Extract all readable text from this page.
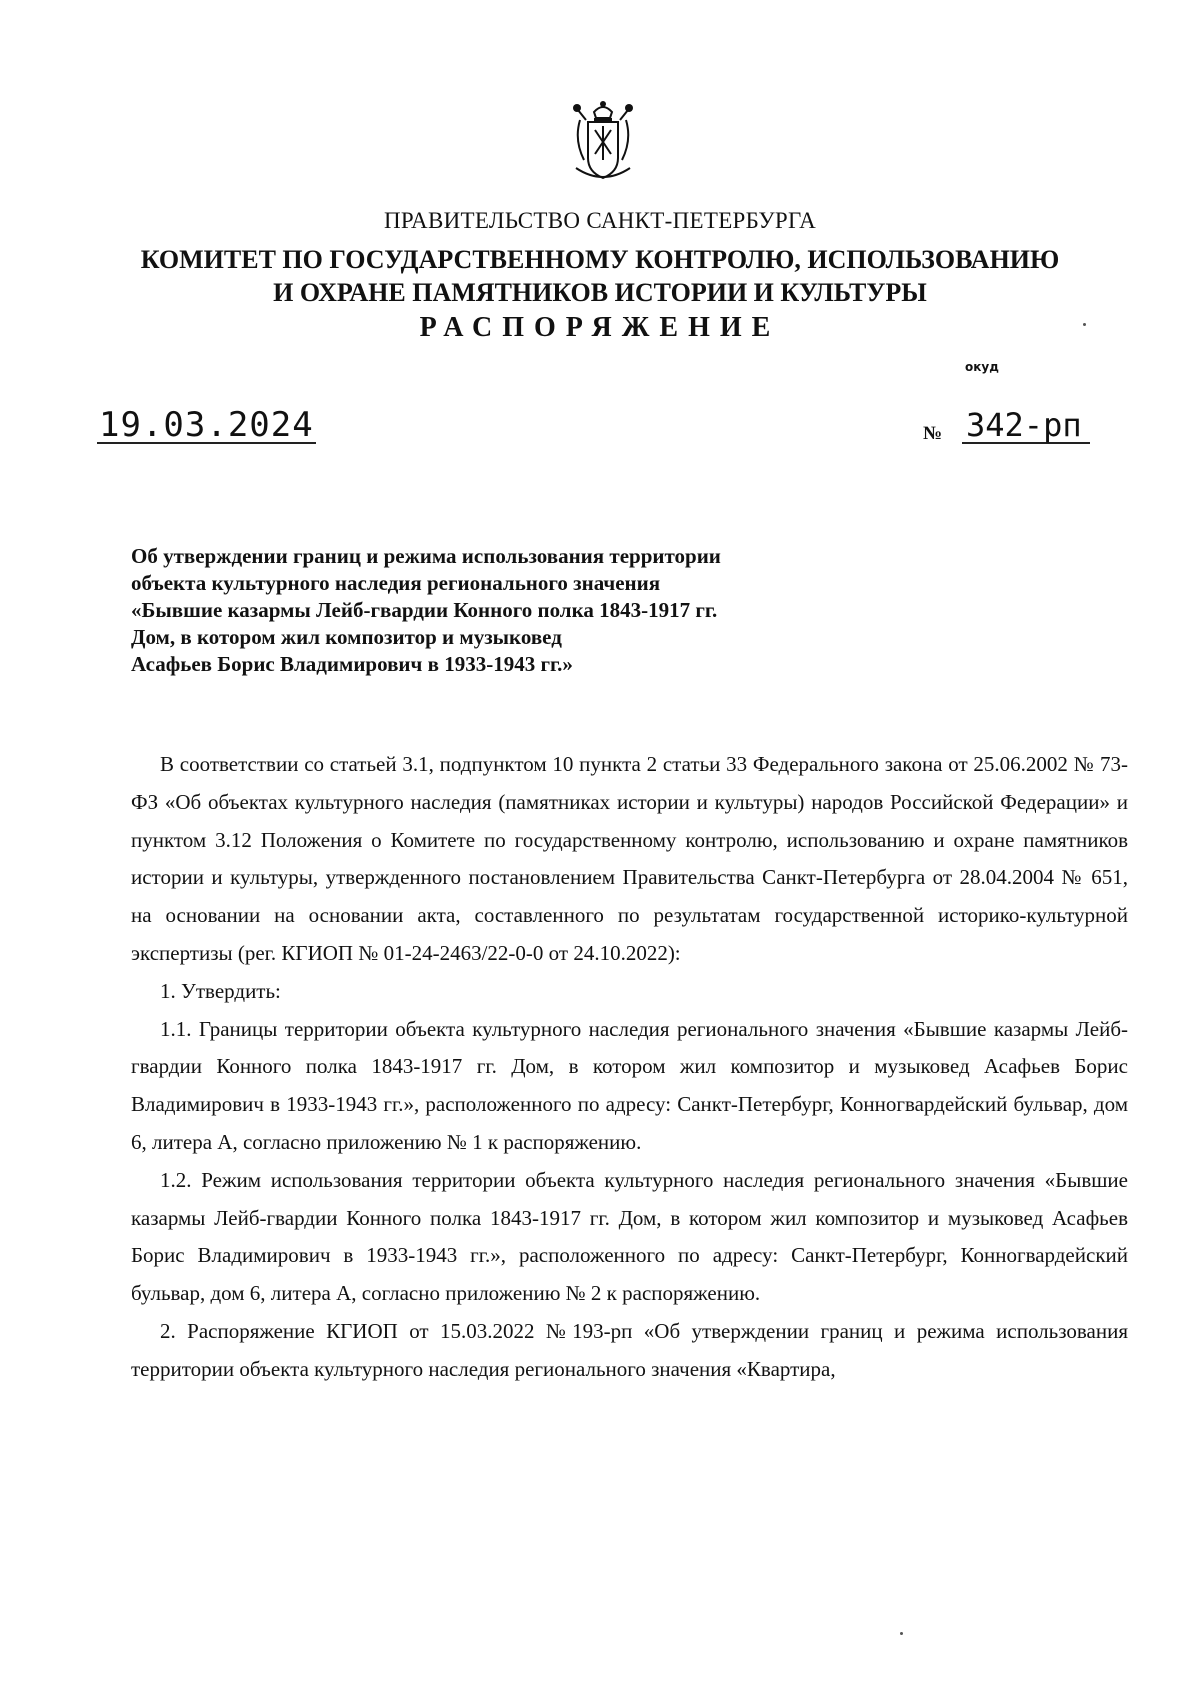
ПРАВИТЕЛЬСТВО САНКТ-ПЕТЕРБУРГА
КОМИТЕТ ПО ГОСУДАРСТВЕННОМУ КОНТРОЛЮ, ИСПОЛЬЗОВАНИЮ
И ОХРАНЕ ПАМЯТНИКОВ ИСТОРИИ И КУЛЬТУРЫ
РАСПОРЯЖЕНИЕ
окуд
19.03.2024	№ 342-рп
Об утверждении границ и режима использования территории
объекта культурного наследия регионального значения
«Бывшие казармы Лейб-гвардии Конного полка 1843-1917 гг.
Дом, в котором жил композитор и музыковед
Асафьев Борис Владимирович в 1933-1943 гг.»

В соответствии со статьей 3.1, подпунктом 10 пункта 2 статьи 33 Федерального закона от 25.06.2002 № 73-ФЗ «Об объектах культурного наследия (памятниках истории и культуры) народов Российской Федерации» и пунктом 3.12 Положения о Комитете по государственному контролю, использованию и охране памятников истории и культуры, утвержденного постановлением Правительства Санкт-Петербурга от 28.04.2004 № 651, на основании на основании акта, составленного по результатам государственной историко-культурной экспертизы (рег. КГИОП № 01-24-2463/22-0-0 от 24.10.2022):

1. Утвердить:

1.1. Границы территории объекта культурного наследия регионального значения «Бывшие казармы Лейб-гвардии Конного полка 1843-1917 гг. Дом, в котором жил композитор и музыковед Асафьев Борис Владимирович в 1933-1943 гг.», расположенного по адресу: Санкт-Петербург, Конногвардейский бульвар, дом 6, литера А, согласно приложению № 1 к распоряжению.

1.2. Режим использования территории объекта культурного наследия регионального значения «Бывшие казармы Лейб-гвардии Конного полка 1843-1917 гг. Дом, в котором жил композитор и музыковед Асафьев Борис Владимирович в 1933-1943 гг.», расположенного по адресу: Санкт-Петербург, Конногвардейский бульвар, дом 6, литера А, согласно приложению № 2 к распоряжению.

2. Распоряжение КГИОП от 15.03.2022 №193-рп «Об утверждении границ и режима использования территории объекта культурного наследия регионального значения «Квартира,
